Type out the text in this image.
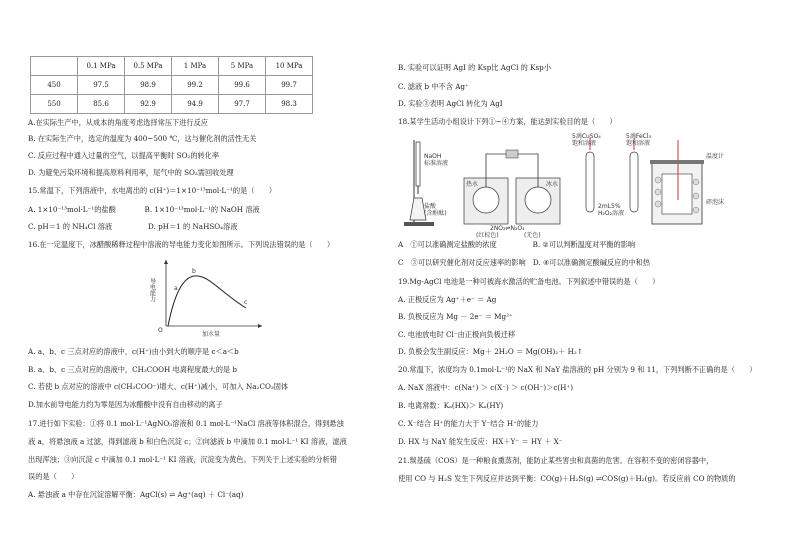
	0.1 MPa	0.5 MPa	1 MPa	5 MPa	10 MPa
450	97.5	98.9	99.2	99.6	99.7
550	85.6	92.9	94.9	97.7	98.3
A.在实际生产中，从成本的角度考虑选择常压下进行反应
B. 在实际生产中，选定的温度为 400~500 ℃，这与催化剂的活性无关
C. 反应过程中通入过量的空气，以提高平衡时 SO₂的转化率
D. 为避免污染环境和提高原料利用率，尾气中的 SO₂需回收处理
15.常温下，下列溶液中，水电离出的 c(H⁺)＝1×10⁻¹³mol·L⁻¹的是（　　）
A. 1×10⁻¹³mol·L⁻¹的盐酸　　　　B. 1×10⁻¹³mol·L⁻¹的 NaOH 溶液
C. pH＝1 的 NH₄Cl 溶液　　　　　D. pH＝1 的 NaHSO₄溶液
16.在一定温度下，冰醋酸稀释过程中溶液的导电能力变化如图所示。下列说法错误的是（　　）
A. a、b、c 三点对应的溶液中，c(H⁺)由小到大的顺序是 c＜a＜b
B. a、b、c 三点对应的溶液中，CH₃COOH 电离程度最大的是 b
C. 若使 b 点对应的溶液中 c(CH₃COO⁻)增大、c(H⁺)减小，可加入 Na₂CO₃固体
D.加水前导电能力约为零是因为冰醋酸中没有自由移动的离子
17.进行如下实验：①将 0.1 mol·L⁻¹AgNO₃溶液和 0.1 mol·L⁻¹NaCl 溶液等体积混合，得到悬浊
液 a，将悬浊液 a 过滤，得到滤液 b 和白色沉淀 c；②向滤液 b 中滴加 0.1 mol·L⁻¹ KI 溶液，滤液
出现浑浊；③向沉淀 c 中滴加 0.1 mol·L⁻¹ KI 溶液，沉淀变为黄色。下列关于上述实验的分析错
误的是（　　）
A. 悬浊液 a 中存在沉淀溶解平衡：AgCl(s) ⇌ Ag⁺(aq) ＋ Cl⁻(aq)
导电能力
加水量
O
a
b
c
B. 实验可以证明 AgI 的 Ksp比 AgCl 的 Ksp小
C. 滤液 b 中不含 Ag⁺
D. 实验③表明 AgCl 转化为 AgI
18.某学生活动小组设计下列①~④方案，能达到实验目的是（　　）
A　①可以准确测定盐酸的浓度　　　　　B. ②可以判断温度对平衡的影响
C　③可以研究催化剂对反应速率的影响　D. ④可以准确测定酸碱反应的中和热
19.Mg-AgCl 电池是一种可被海水激活的贮备电池。下列叙述中错误的是（　　）
A. 正极反应为 Ag⁺＋e⁻ ＝ Ag
B. 负极反应为 Mg － 2e⁻ ＝ Mg²⁺
C. 电池放电时 Cl⁻由正极向负极迁移
D. 负极会发生副反应：Mg＋ 2H₂O ＝ Mg(OH)₂＋ H₂↑
20.常温下，浓度均为 0.1mol·L⁻¹的 NaX 和 NaY 盐溶液的 pH 分别为 9 和 11，下列判断不正确的是（　　）
A. NaX 溶液中：c(Na⁺) ＞ c(X⁻) ＞ c(OH⁻)＞c(H⁺)
B. 电离常数：Kₐ(HX)＞ Kₐ(HY)
C. X⁻结合 H⁺的能力大于 Y⁻结合 H⁺的能力
D. HX 与 NaY 能发生反应：HX＋Y⁻ ＝ HY ＋ X⁻
21.羰基硫（COS）是一种粮食熏蒸剂，能防止某些害虫和真菌的危害。在容积不变的密闭容器中，
使用 CO 与 H₂S 发生下列反应并达到平衡：CO(g)＋H₂S(g) ⇌COS(g)＋H₂(g)。若反应前 CO 的物质的
NaOH
标准溶液
盐酸
(含酚酞)
热水	冰水
2NO₂⇌N₂O₄
(红棕色)	(无色)
5滴CuSO₄
饱和溶液
5滴FeCl₃
饱和溶液
2mL5%
H₂O₂溶液
温度计
碎泡沫
